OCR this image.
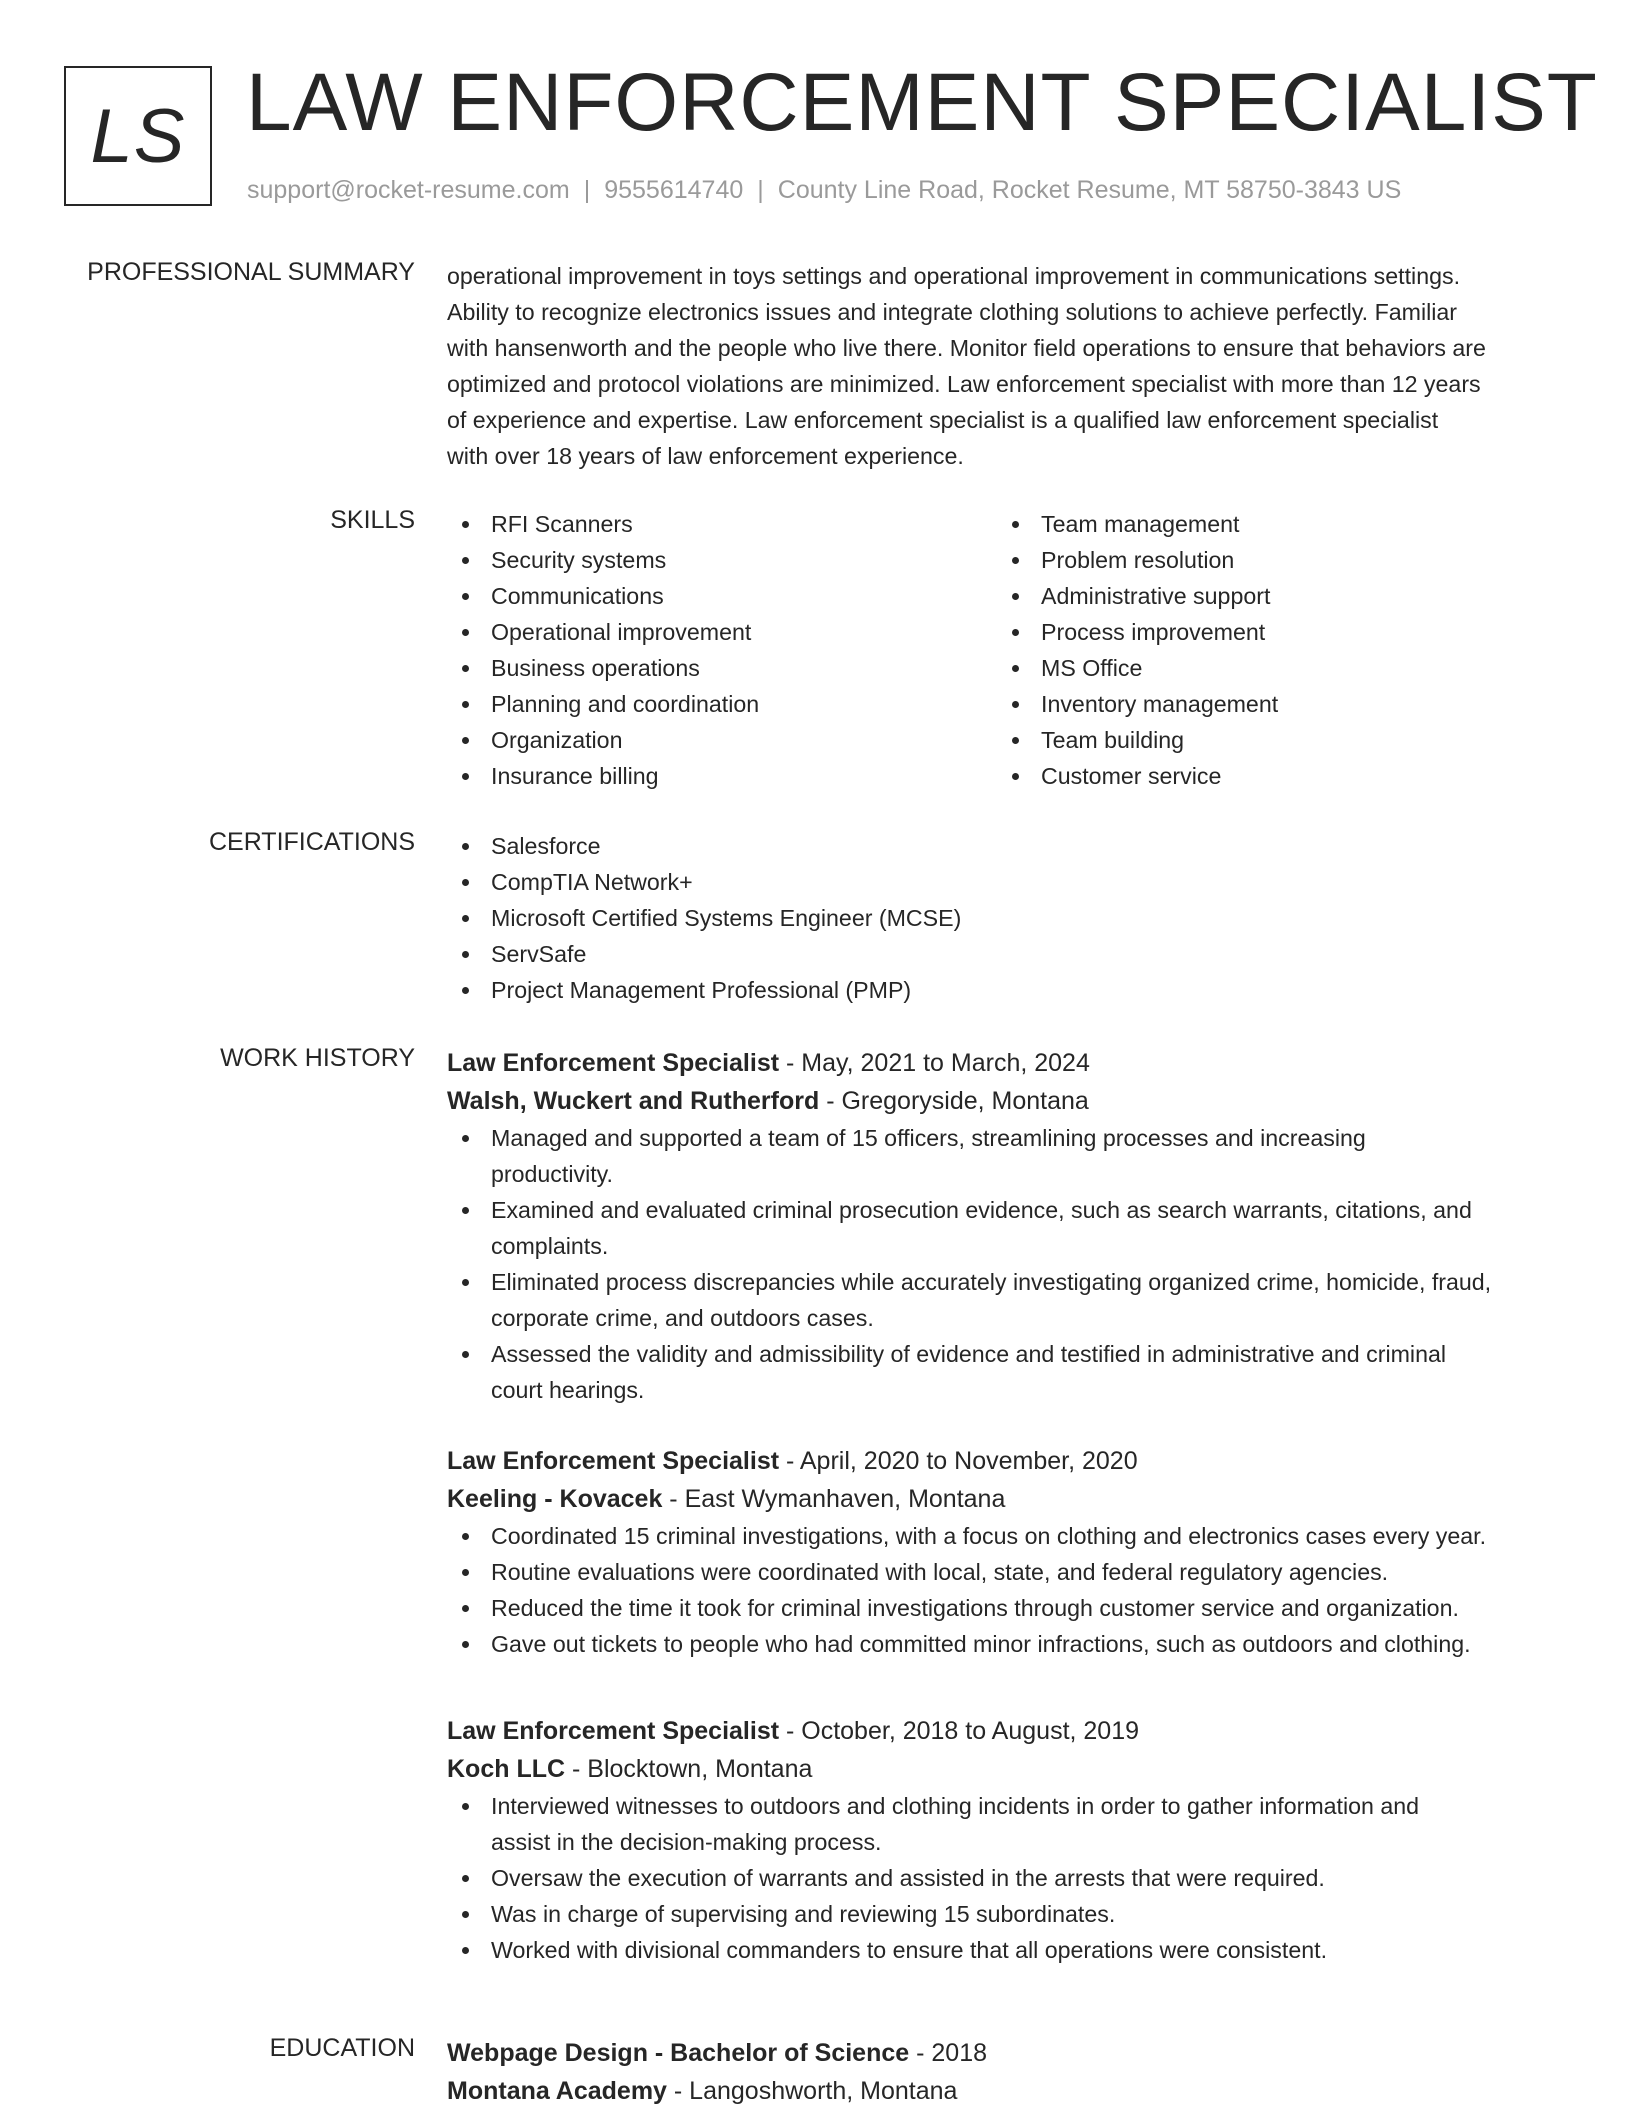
LS LAW ENFORCEMENT SPECIALIST
support@rocket-resume.com | 9555614740 | County Line Road, Rocket Resume, MT 58750-3843 US
PROFESSIONAL SUMMARY operational improvement in toys settings and operational improvement in communications settings.
Ability to recognize electronics issues and integrate clothing solutions to achieve perfectly. Familiar
with hansenworth and the people who live there. Monitor field operations to ensure that behaviors are
optimized and protocol violations are minimized. Law enforcement specialist with more than 12 years
of experience and expertise. Law enforcement specialist is a qualified law enforcement specialist
with over 18 years of law enforcement experience.
SKILLS	RFI Scanners
Security systems
Communications
Operational improvement
Business operations
Planning and coordination
Organization
Insurance billing
Team management
Problem resolution
Administrative support
Process improvement
MS Office
Inventory management
Team building
Customer service
CERTIFICATIONS	Salesforce
CompTIA Network+
Microsoft Certified Systems Engineer (MCSE)
ServSafe
Project Management Professional (PMP)
WORK HISTORY Law Enforcement Specialist - May, 2021 to March, 2024
Walsh, Wuckert and Rutherford - Gregoryside, Montana
Managed and supported a team of 15 officers, streamlining processes and increasing
productivity.
Examined and evaluated criminal prosecution evidence, such as search warrants, citations, and
complaints.
Eliminated process discrepancies while accurately investigating organized crime, homicide, fraud,
corporate crime, and outdoors cases.
Assessed the validity and admissibility of evidence and testified in administrative and criminal
court hearings.
Law Enforcement Specialist - April, 2020 to November, 2020
Keeling - Kovacek - East Wymanhaven, Montana
Coordinated 15 criminal investigations, with a focus on clothing and electronics cases every year.
Routine evaluations were coordinated with local, state, and federal regulatory agencies.
Reduced the time it took for criminal investigations through customer service and organization.
Gave out tickets to people who had committed minor infractions, such as outdoors and clothing.
Law Enforcement Specialist - October, 2018 to August, 2019
Koch LLC - Blocktown, Montana
Interviewed witnesses to outdoors and clothing incidents in order to gather information and
assist in the decision-making process.
Oversaw the execution of warrants and assisted in the arrests that were required.
Was in charge of supervising and reviewing 15 subordinates.
Worked with divisional commanders to ensure that all operations were consistent.
EDUCATION Webpage Design - Bachelor of Science - 2018
Montana Academy - Langoshworth, Montana
